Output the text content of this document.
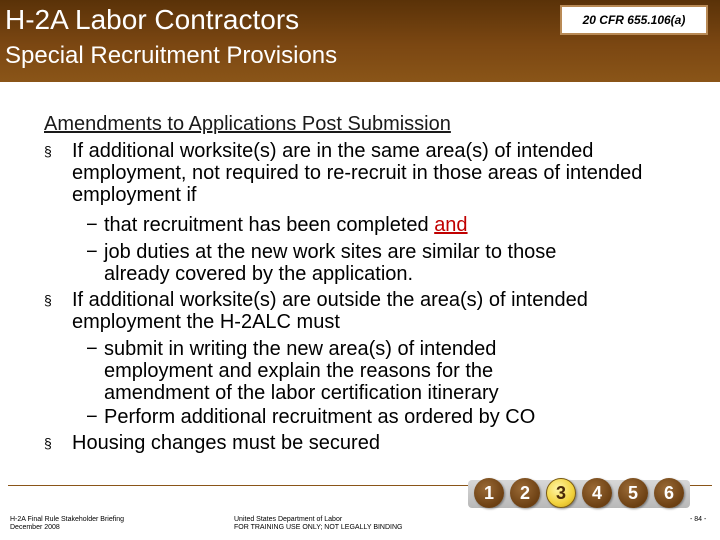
H-2A Labor Contractors
Special Recruitment Provisions
20 CFR 655.106(a)
Amendments to Applications Post Submission
§ If additional worksite(s) are in the same area(s) of intended employment, not required to re-recruit in those areas of intended employment if
− that recruitment has been completed and
− job duties at the new work sites are similar to those already covered by the application.
§ If additional worksite(s) are outside the area(s) of intended employment the H-2ALC must
− submit in writing the new area(s) of intended employment and explain the reasons for the amendment of the labor certification itinerary
− Perform additional recruitment as ordered by CO
§ Housing changes must be secured
H-2A Final Rule Stakeholder Briefing
December 2008
United States Department of Labor
FOR TRAINING USE ONLY; NOT LEGALLY BINDING
- 84 -
1	2	3	4	5	6
